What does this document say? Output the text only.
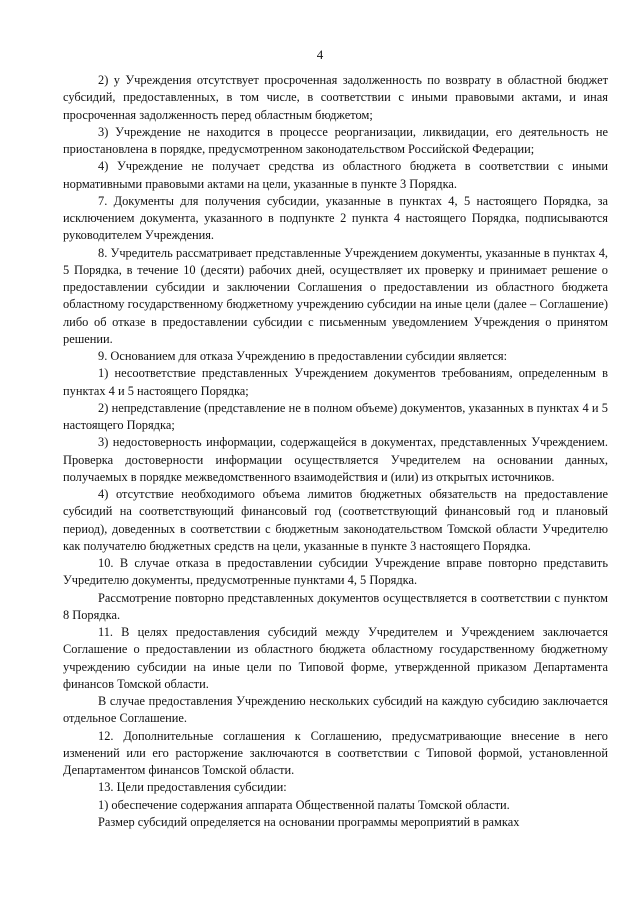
4

2) у Учреждения отсутствует просроченная задолженность по возврату в областной бюджет субсидий, предоставленных, в том числе, в соответствии с иными правовыми актами, и иная просроченная задолженность перед областным бюджетом;

3) Учреждение не находится в процессе реорганизации, ликвидации, его деятельность не приостановлена в порядке, предусмотренном законодательством Российской Федерации;

4) Учреждение не получает средства из областного бюджета в соответствии с иными нормативными правовыми актами на цели, указанные в пункте 3 Порядка.

7. Документы для получения субсидии, указанные в пунктах 4, 5 настоящего Порядка, за исключением документа, указанного в подпункте 2 пункта 4 настоящего Порядка, подписываются руководителем Учреждения.

8. Учредитель рассматривает представленные Учреждением документы, указанные в пунктах 4, 5 Порядка, в течение 10 (десяти) рабочих дней, осуществляет их проверку и принимает решение о предоставлении субсидии и заключении Соглашения о предоставлении из областного бюджета областному государственному бюджетному учреждению субсидии на иные цели (далее – Соглашение) либо об отказе в предоставлении субсидии с письменным уведомлением Учреждения о принятом решении.

9. Основанием для отказа Учреждению в предоставлении субсидии является:

1) несоответствие представленных Учреждением документов требованиям, определенным в пунктах 4 и 5 настоящего Порядка;

2) непредставление (представление не в полном объеме) документов, указанных в пунктах 4 и 5 настоящего Порядка;

3) недостоверность информации, содержащейся в документах, представленных Учреждением. Проверка достоверности информации осуществляется Учредителем на основании данных, получаемых в порядке межведомственного взаимодействия и (или) из открытых источников.

4) отсутствие необходимого объема лимитов бюджетных обязательств на предоставление субсидий на соответствующий финансовый год (соответствующий финансовый год и плановый период), доведенных в соответствии с бюджетным законодательством Томской области Учредителю как получателю бюджетных средств на цели, указанные в пункте 3 настоящего Порядка.

10. В случае отказа в предоставлении субсидии Учреждение вправе повторно представить Учредителю документы, предусмотренные пунктами 4, 5 Порядка.

Рассмотрение повторно представленных документов осуществляется в соответствии с пунктом 8 Порядка.

11. В целях предоставления субсидий между Учредителем и Учреждением заключается Соглашение о предоставлении из областного бюджета областному государственному бюджетному учреждению субсидии на иные цели по Типовой форме, утвержденной приказом Департамента финансов Томской области.

В случае предоставления Учреждению нескольких субсидий на каждую субсидию заключается отдельное Соглашение.

12. Дополнительные соглашения к Соглашению, предусматривающие внесение в него изменений или его расторжение заключаются в соответствии с Типовой формой, установленной Департаментом финансов Томской области.

13. Цели предоставления субсидии:

1) обеспечение содержания аппарата Общественной палаты Томской области.

Размер субсидий определяется на основании программы мероприятий в рамках
